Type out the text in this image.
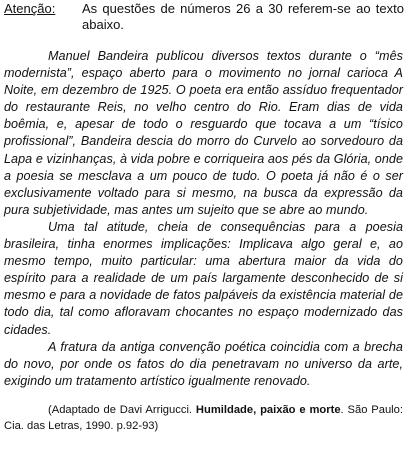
Atenção: As questões de números 26 a 30 referem-se ao texto abaixo.

Manuel Bandeira publicou diversos textos durante o “mês modernista”, espaço aberto para o movimento no jornal carioca A Noite, em dezembro de 1925. O poeta era então assíduo frequentador do restaurante Reis, no velho centro do Rio. Eram dias de vida boêmia, e, apesar de todo o resguardo que tocava a um “tísico profissional”, Bandeira descia do morro do Curvelo ao sorvedouro da Lapa e vizinhanças, à vida pobre e corriqueira aos pés da Glória, onde a poesia se mesclava a um pouco de tudo. O poeta já não é o ser exclusivamente voltado para si mesmo, na busca da expressão da pura subjetividade, mas antes um sujeito que se abre ao mundo.

Uma tal atitude, cheia de consequências para a poesia brasileira, tinha enormes implicações: Implicava algo geral e, ao mesmo tempo, muito particular: uma abertura maior da vida do espírito para a realidade de um país largamente desconhecido de si mesmo e para a novidade de fatos palpáveis da existência material de todo dia, tal como afloravam chocantes no espaço modernizado das cidades.

A fratura da antiga convenção poética coincidia com a brecha do novo, por onde os fatos do dia penetravam no universo da arte, exigindo um tratamento artístico igualmente renovado.

(Adaptado de Davi Arrigucci. Humildade, paixão e morte. São Paulo: Cia. das Letras, 1990. p.92-93)
